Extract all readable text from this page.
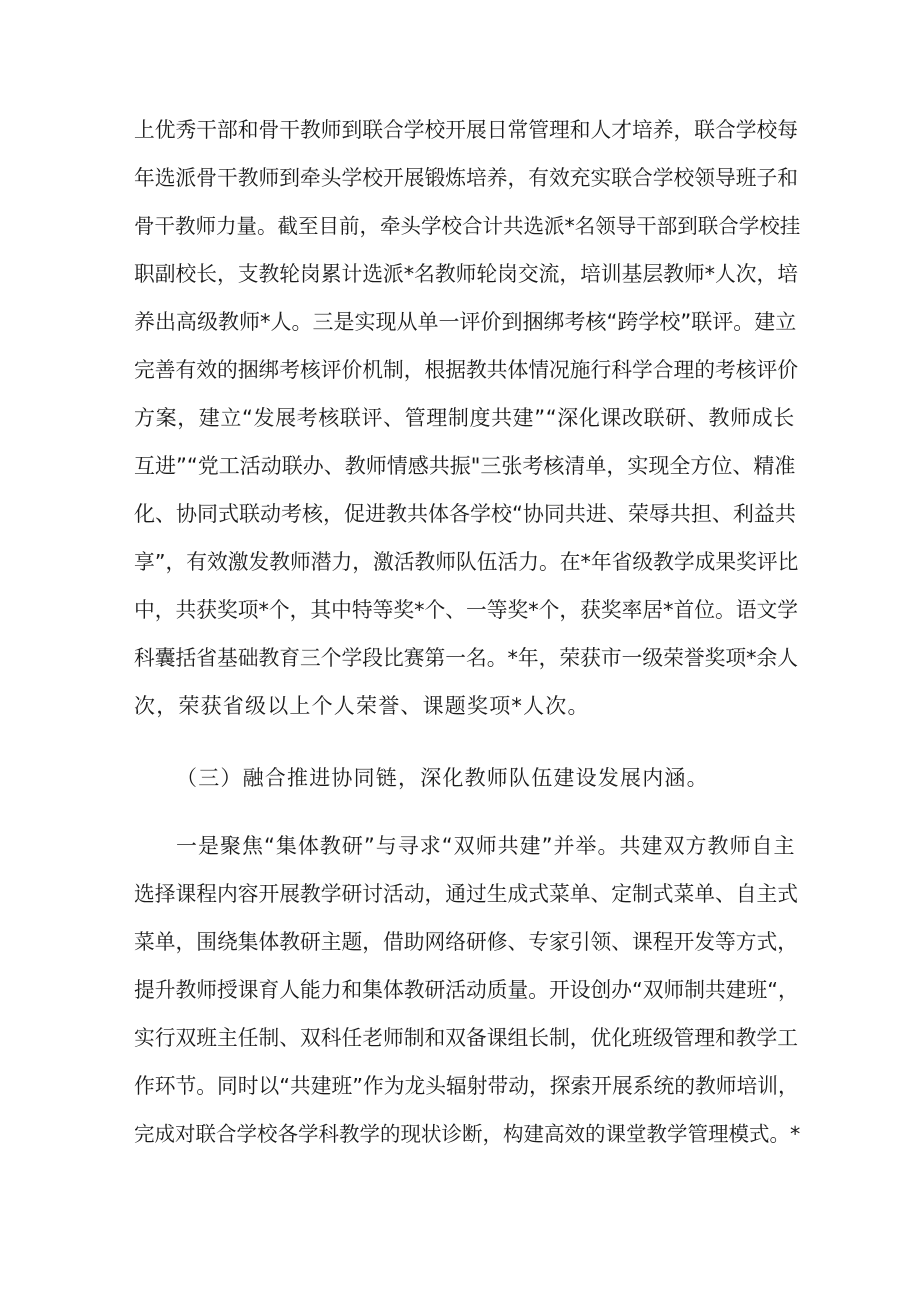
上优秀干部和骨干教师到联合学校开展日常管理和人才培养，联合学校每
年选派骨干教师到牵头学校开展锻炼培养，有效充实联合学校领导班子和
骨干教师力量。截至目前，牵头学校合计共选派*名领导干部到联合学校挂
职副校长，支教轮岗累计选派*名教师轮岗交流，培训基层教师*人次，培
养出高级教师*人。三是实现从单一评价到捆绑考核“跨学校”联评。建立
完善有效的捆绑考核评价机制，根据教共体情况施行科学合理的考核评价
方案，建立“发展考核联评、管理制度共建”“深化课改联研、教师成长
互进”“党工活动联办、教师情感共振"三张考核清单，实现全方位、精准
化、协同式联动考核，促进教共体各学校“协同共进、荣辱共担、利益共
享”，有效激发教师潜力，激活教师队伍活力。在*年省级教学成果奖评比
中，共获奖项*个，其中特等奖*个、一等奖*个，获奖率居*首位。语文学
科囊括省基础教育三个学段比赛第一名。*年，荣获市一级荣誉奖项*余人
次，荣获省级以上个人荣誉、课题奖项*人次。
（三）融合推进协同链，深化教师队伍建设发展内涵。
一是聚焦“集体教研”与寻求“双师共建”并举。共建双方教师自主
选择课程内容开展教学研讨活动，通过生成式菜单、定制式菜单、自主式
菜单，围绕集体教研主题，借助网络研修、专家引领、课程开发等方式，
提升教师授课育人能力和集体教研活动质量。开设创办“双师制共建班“，
实行双班主任制、双科任老师制和双备课组长制，优化班级管理和教学工
作环节。同时以“共建班”作为龙头辐射带动，探索开展系统的教师培训，
完成对联合学校各学科教学的现状诊断，构建高效的课堂教学管理模式。*
